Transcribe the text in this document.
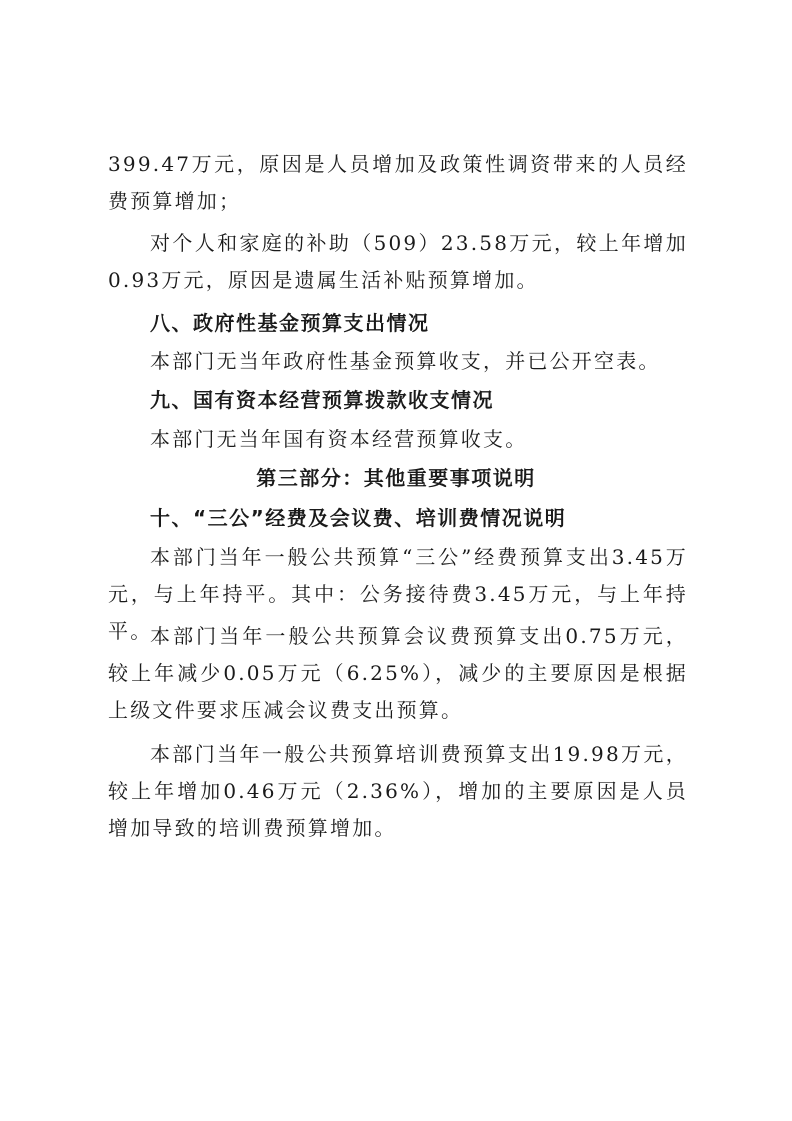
399.47万元，原因是人员增加及政策性调资带来的人员经费预算增加；

对个人和家庭的补助（509）23.58万元，较上年增加0.93万元，原因是遗属生活补贴预算增加。

八、政府性基金预算支出情况

本部门无当年政府性基金预算收支，并已公开空表。

九、国有资本经营预算拨款收支情况

本部门无当年国有资本经营预算收支。

第三部分：其他重要事项说明

十、“三公”经费及会议费、培训费情况说明

本部门当年一般公共预算“三公”经费预算支出3.45万元，与上年持平。其中：公务接待费3.45万元，与上年持平。

本部门当年一般公共预算会议费预算支出0.75万元，较上年减少0.05万元（6.25%），减少的主要原因是根据上级文件要求压减会议费支出预算。

本部门当年一般公共预算培训费预算支出19.98万元，较上年增加0.46万元（2.36%），增加的主要原因是人员增加导致的培训费预算增加。
